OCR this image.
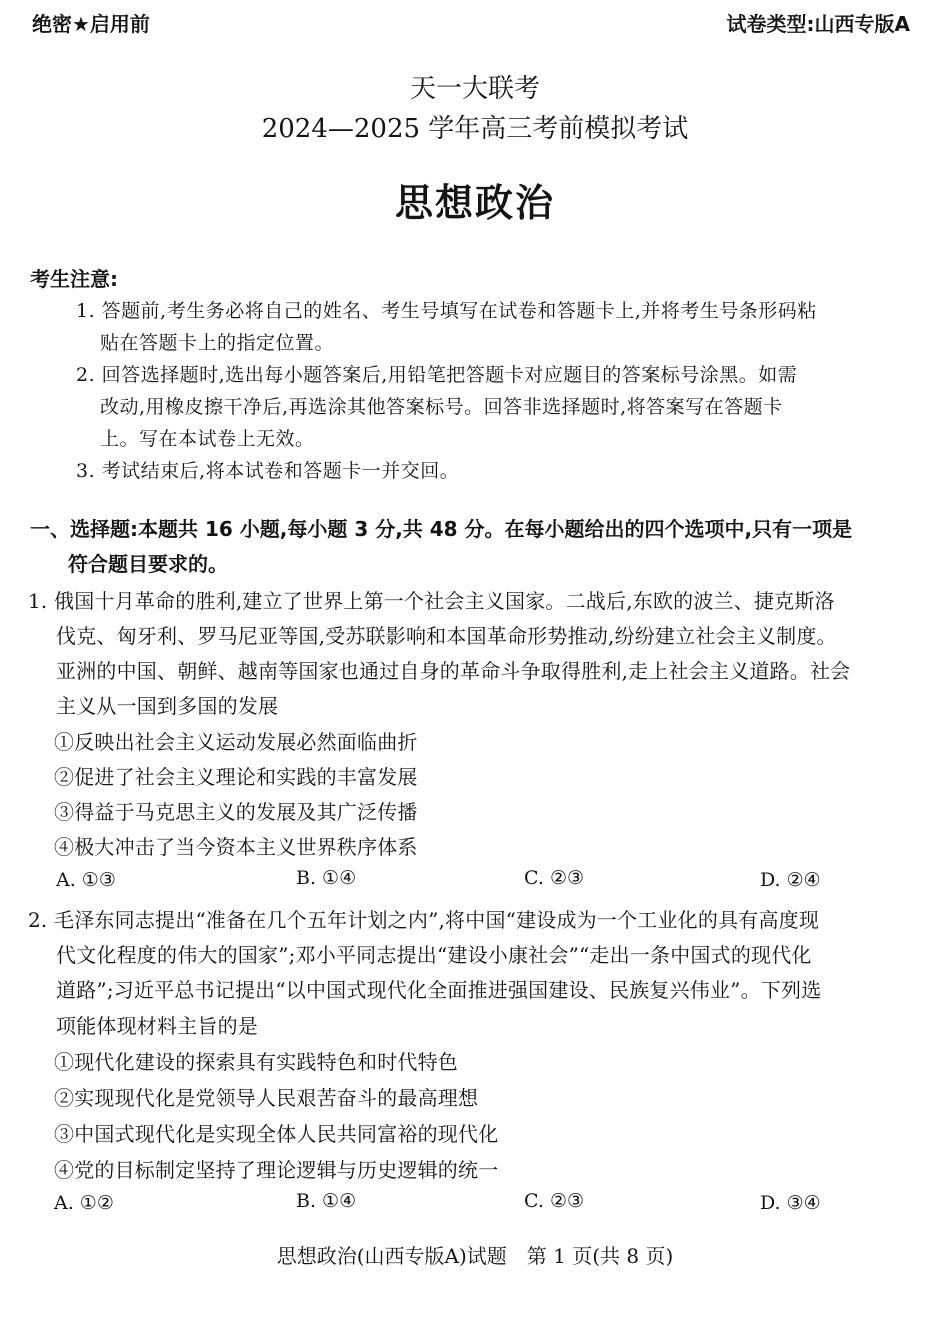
绝密★启用前	试卷类型:山西专版A
天一大联考
2024—2025 学年高三考前模拟考试
思想政治
考生注意:
1. 答题前,考生务必将自己的姓名、考生号填写在试卷和答题卡上,并将考生号条形码粘
贴在答题卡上的指定位置。
2. 回答选择题时,选出每小题答案后,用铅笔把答题卡对应题目的答案标号涂黑。如需
改动,用橡皮擦干净后,再选涂其他答案标号。回答非选择题时,将答案写在答题卡
上。写在本试卷上无效。
3. 考试结束后,将本试卷和答题卡一并交回。
一、选择题:本题共 16 小题,每小题 3 分,共 48 分。在每小题给出的四个选项中,只有一项是
符合题目要求的。
1. 俄国十月革命的胜利,建立了世界上第一个社会主义国家。二战后,东欧的波兰、捷克斯洛
伐克、匈牙利、罗马尼亚等国,受苏联影响和本国革命形势推动,纷纷建立社会主义制度。
亚洲的中国、朝鲜、越南等国家也通过自身的革命斗争取得胜利,走上社会主义道路。社会
主义从一国到多国的发展
①反映出社会主义运动发展必然面临曲折
②促进了社会主义理论和实践的丰富发展
③得益于马克思主义的发展及其广泛传播
④极大冲击了当今资本主义世界秩序体系
A. ①③	B. ①④	C. ②③	D. ②④
2. 毛泽东同志提出“准备在几个五年计划之内”,将中国“建设成为一个工业化的具有高度现
代文化程度的伟大的国家”;邓小平同志提出“建设小康社会”“走出一条中国式的现代化
道路”;习近平总书记提出“以中国式现代化全面推进强国建设、民族复兴伟业”。下列选
项能体现材料主旨的是
①现代化建设的探索具有实践特色和时代特色
②实现现代化是党领导人民艰苦奋斗的最高理想
③中国式现代化是实现全体人民共同富裕的现代化
④党的目标制定坚持了理论逻辑与历史逻辑的统一
A. ①②	B. ①④	C. ②③	D. ③④
思想政治(山西专版A)试题　第 1 页(共 8 页)
